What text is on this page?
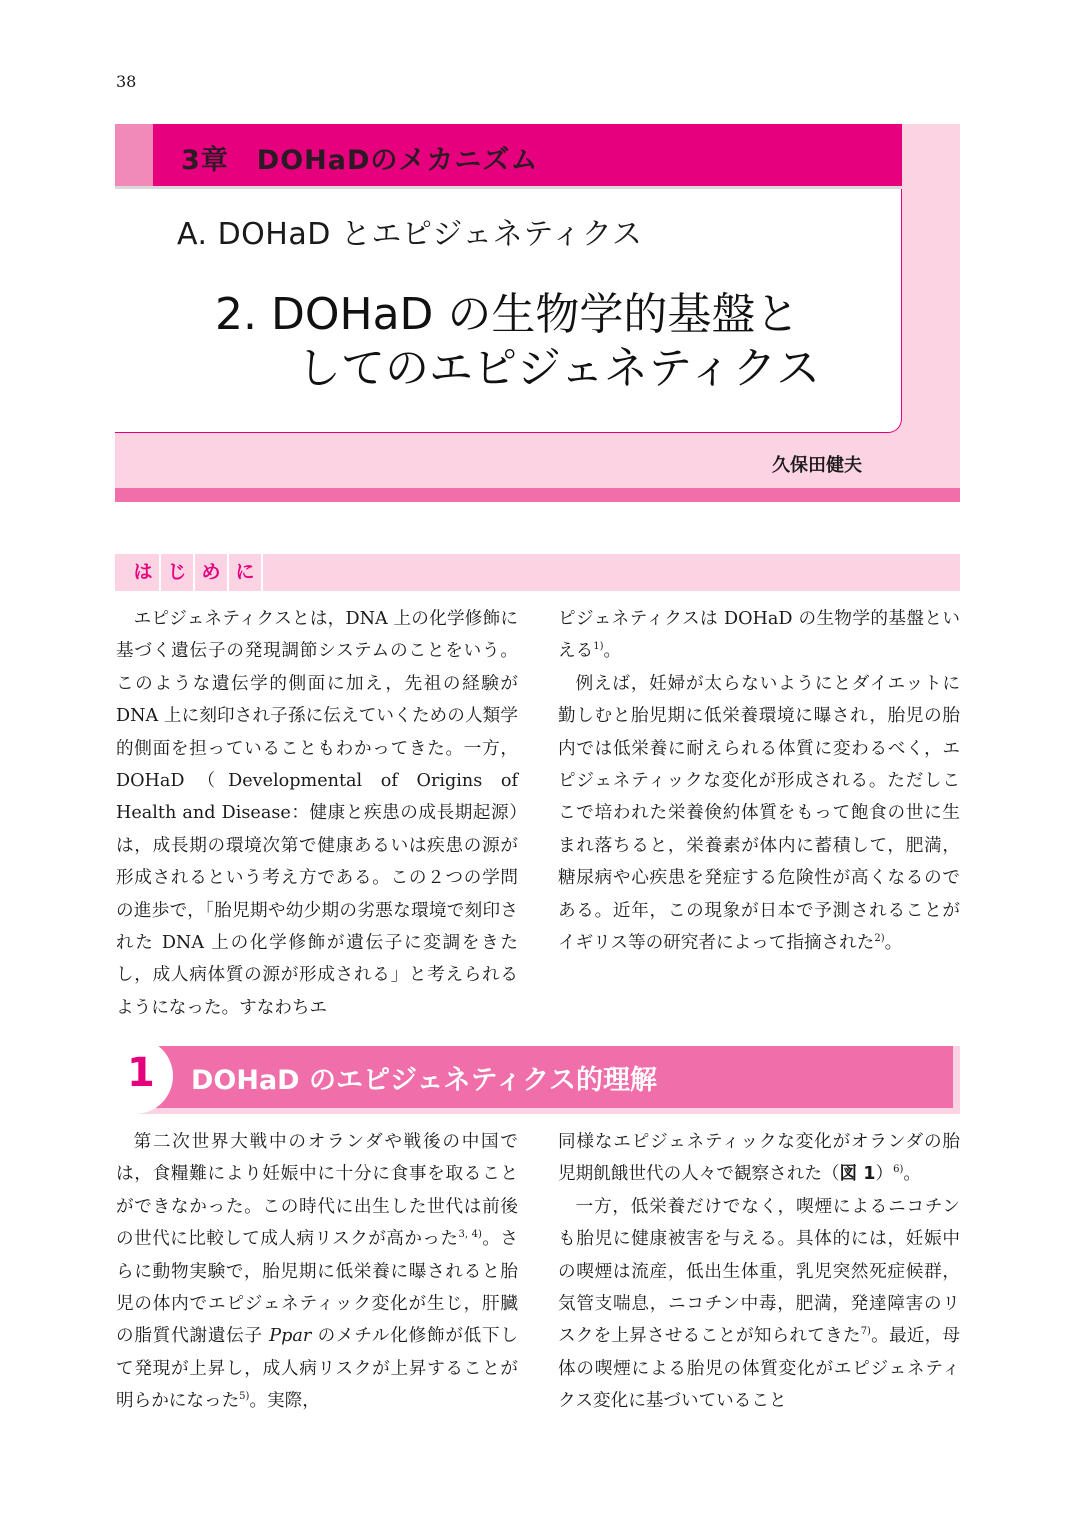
38
3章　DOHaDのメカニズム
A. DOHaD とエピジェネティクス
2. DOHaD の生物学的基盤と
してのエピジェネティクス
久保田健夫
は じ め に

エピジェネティクスとは，DNA 上の化学修飾に基づく遺伝子の発現調節システムのことをいう。このような遺伝学的側面に加え，先祖の経験が DNA 上に刻印され子孫に伝えていくための人類学的側面を担っていることもわかってきた。一方，DOHaD（Developmental of Origins of Health and Disease：健康と疾患の成長期起源）は，成長期の環境次第で健康あるいは疾患の源が形成されるという考え方である。この２つの学問の進歩で，「胎児期や幼少期の劣悪な環境で刻印された DNA 上の化学修飾が遺伝子に変調をきたし，成人病体質の源が形成される」と考えられるようになった。すなわちエ

ピジェネティクスは DOHaD の生物学的基盤といえる$^{1)}$。

例えば，妊婦が太らないようにとダイエットに勤しむと胎児期に低栄養環境に曝され，胎児の胎内では低栄養に耐えられる体質に変わるべく，エピジェネティックな変化が形成される。ただしここで培われた栄養倹約体質をもって飽食の世に生まれ落ちると，栄養素が体内に蓄積して，肥満，糖尿病や心疾患を発症する危険性が高くなるのである。近年，この現象が日本で予測されることがイギリス等の研究者によって指摘された$^{2)}$。

1 DOHaD のエピジェネティクス的理解

第二次世界大戦中のオランダや戦後の中国では，食糧難により妊娠中に十分に食事を取ることができなかった。この時代に出生した世代は前後の世代に比較して成人病リスクが高かった$^{3, 4)}$。さらに動物実験で，胎児期に低栄養に曝されると胎児の体内でエピジェネティック変化が生じ，肝臓の脂質代謝遺伝子 Ppar のメチル化修飾が低下して発現が上昇し，成人病リスクが上昇することが明らかになった$^{5)}$。実際，

同様なエピジェネティックな変化がオランダの胎児期飢餓世代の人々で観察された（図 1）$^{6)}$。

一方，低栄養だけでなく，喫煙によるニコチンも胎児に健康被害を与える。具体的には，妊娠中の喫煙は流産，低出生体重，乳児突然死症候群，気管支喘息，ニコチン中毒，肥満，発達障害のリスクを上昇させることが知られてきた$^{7)}$。最近，母体の喫煙による胎児の体質変化がエピジェネティクス変化に基づいていること
